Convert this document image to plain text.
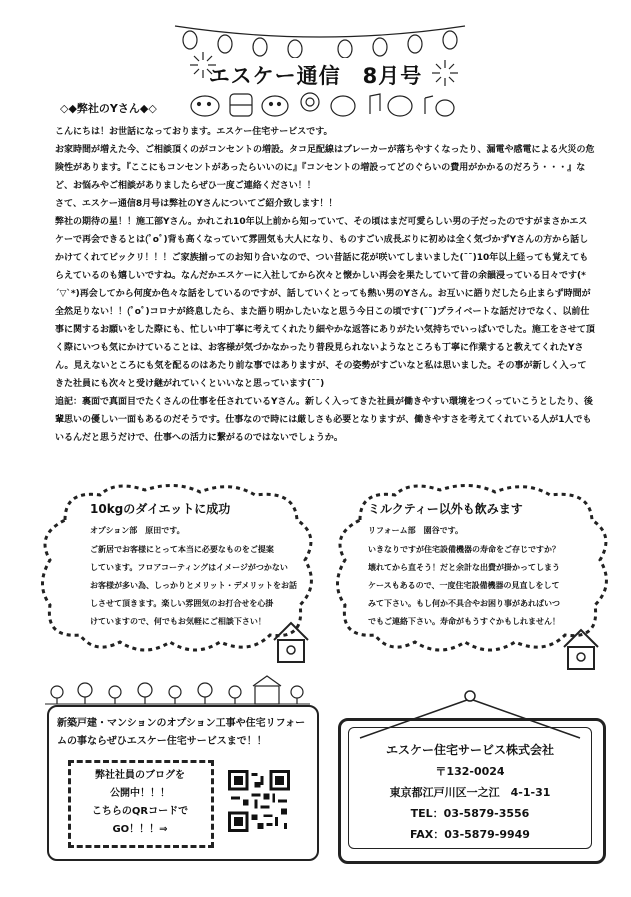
エスケー通信　8月号
◇◆弊社のYさん◆◇

こんにちは！お世話になっております。エスケー住宅サービスです。

お家時間が増えた今、ご相談頂くのがコンセントの増設。タコ足配線はブレーカーが落ちやすくなったり、漏電や感電による火災の危険性があります。『ここにもコンセントがあったらいいのに』『コンセントの増設ってどのぐらいの費用がかかるのだろう・・・』など、お悩みやご相談がありましたらぜひ一度ご連絡ください！！

さて、エスケー通信8月号は弊社のYさんについてご紹介致します！！

弊社の期待の星！！施工部Yさん。かれこれ10年以上前から知っていて、その頃はまだ可愛らしい男の子だったのですがまさかエスケーで再会できるとは(ﾟoﾟ)背も高くなっていて雰囲気も大人になり、ものすごい成長ぶりに初めは全く気づかずYさんの方から話しかけてくれてビックリ！！！ご家族揃ってのお知り合いなので、つい昔話に花が咲いてしまいました(¯¯)10年以上経っても覚えてもらえているのも嬉しいですね。なんだかエスケーに入社してから次々と懐かしい再会を果たしていて昔の余韻浸っている日々です(*´▽`*)再会してから何度か色々な話をしているのですが、話していくとっても熱い男のYさん。お互いに語りだしたら止まらず時間が全然足りない！！(ﾟoﾟ)コロナが終息したら、また語り明かしたいなと思う今日この頃です(¯¯)プライベートな話だけでなく、以前仕事に関するお願いをした際にも、忙しい中丁寧に考えてくれたり細やかな返答にありがたい気持ちでいっぱいでした。施工をさせて頂く際にいつも気にかけていることは、お客様が気づかなかったり普段見られないようなところも丁寧に作業すると教えてくれたYさん。見えないところにも気を配るのはあたり前な事ではありますが、その姿勢がすごいなと私は思いました。その事が新しく入ってきた社員にも次々と受け継がれていくといいなと思っています(¯¯)

追記：裏面で真面目でたくさんの仕事を任されているYさん。新しく入ってきた社員が働きやすい環境をつくっていこうとしたり、後輩思いの優しい一面もあるのだそうです。仕事なので時には厳しさも必要となりますが、働きやすさを考えてくれている人が1人でもいるんだと思うだけで、仕事への活力に繋がるのではないでしょうか。

10kgのダイエットに成功
オプション部　原田です。
ご新居でお客様にとって本当に必要なものをご提案
しています。フロアコーティングはイメージがつかない
お客様が多い為、しっかりとメリット・デメリットをお話
しさせて頂きます。楽しい雰囲気のお打合せを心掛
けていますので、何でもお気軽にご相談下さい！
ミルクティー以外も飲みます
リフォーム部　園谷です。
いきなりですが住宅設備機器の寿命をご存じですか？
壊れてから直そう！だと余計な出費が掛かってしまう
ケースもあるので、一度住宅設備機器の見直しをして
みて下さい。もし何か不具合やお困り事があればいつ
でもご連絡下さい。寿命がもうすぐかもしれません！
新築戸建・マンションのオプション工事や住宅リフォームの事ならぜひエスケー住宅サービスまで！！
弊社社員のブログを
公開中！！！
こちらのQRコードで
GO！！！⇒
エスケー住宅サービス株式会社
〒132-0024
東京都江戸川区一之江　4-1-31
TEL：03-5879-3556
FAX：03-5879-9949
